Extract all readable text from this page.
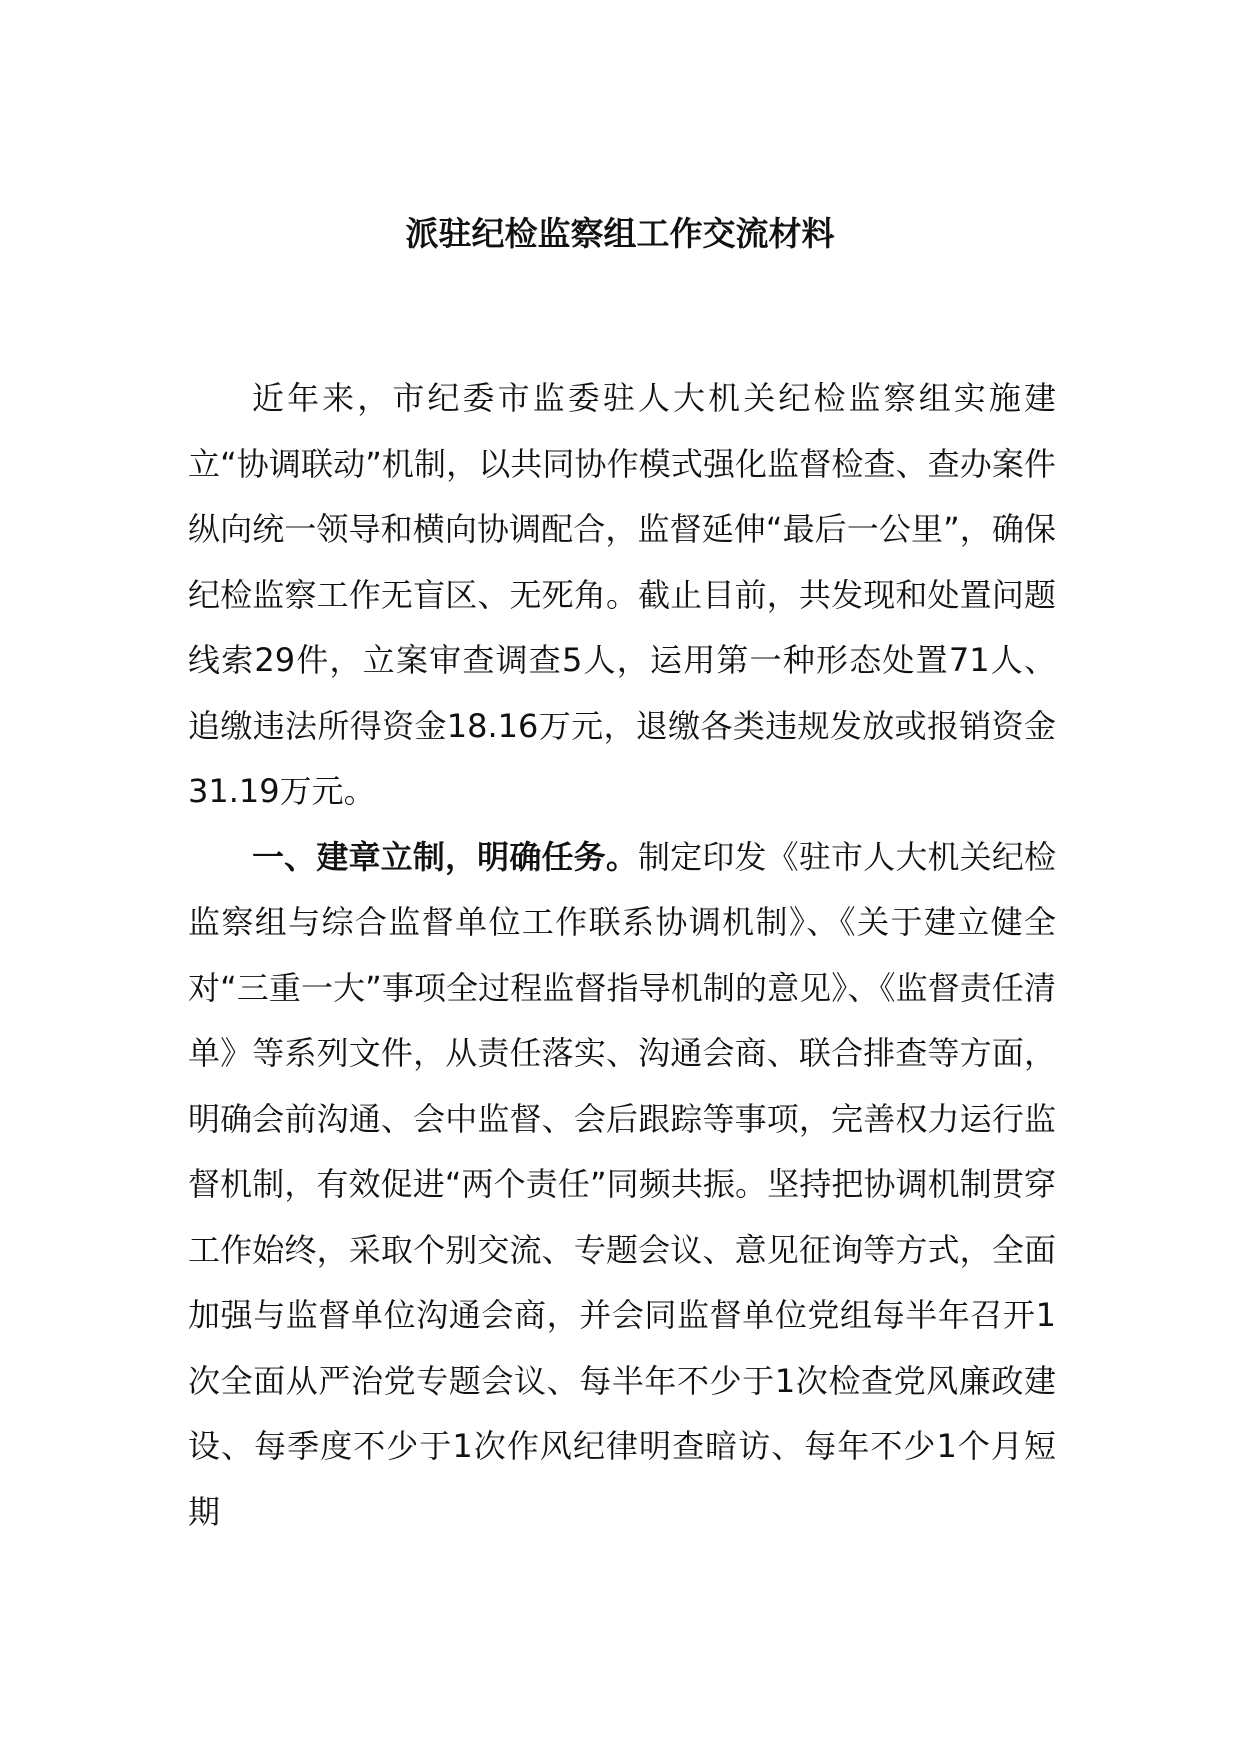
派驻纪检监察组工作交流材料

近年来，市纪委市监委驻人大机关纪检监察组实施建立“协调联动”机制，以共同协作模式强化监督检查、查办案件纵向统一领导和横向协调配合，监督延伸“最后一公里”，确保纪检监察工作无盲区、无死角。截止目前，共发现和处置问题线索29件，立案审查调查5人，运用第一种形态处置71人、追缴违法所得资金18.16万元，退缴各类违规发放或报销资金31.19万元。

一、建章立制，明确任务。制定印发《驻市人大机关纪检监察组与综合监督单位工作联系协调机制》、《关于建立健全对“三重一大”事项全过程监督指导机制的意见》、《监督责任清单》等系列文件，从责任落实、沟通会商、联合排查等方面，明确会前沟通、会中监督、会后跟踪等事项，完善权力运行监督机制，有效促进“两个责任”同频共振。坚持把协调机制贯穿工作始终，采取个别交流、专题会议、意见征询等方式，全面加强与监督单位沟通会商，并会同监督单位党组每半年召开1次全面从严治党专题会议、每半年不少于1次检查党风廉政建设、每季度不少于1次作风纪律明查暗访、每年不少1个月短期
